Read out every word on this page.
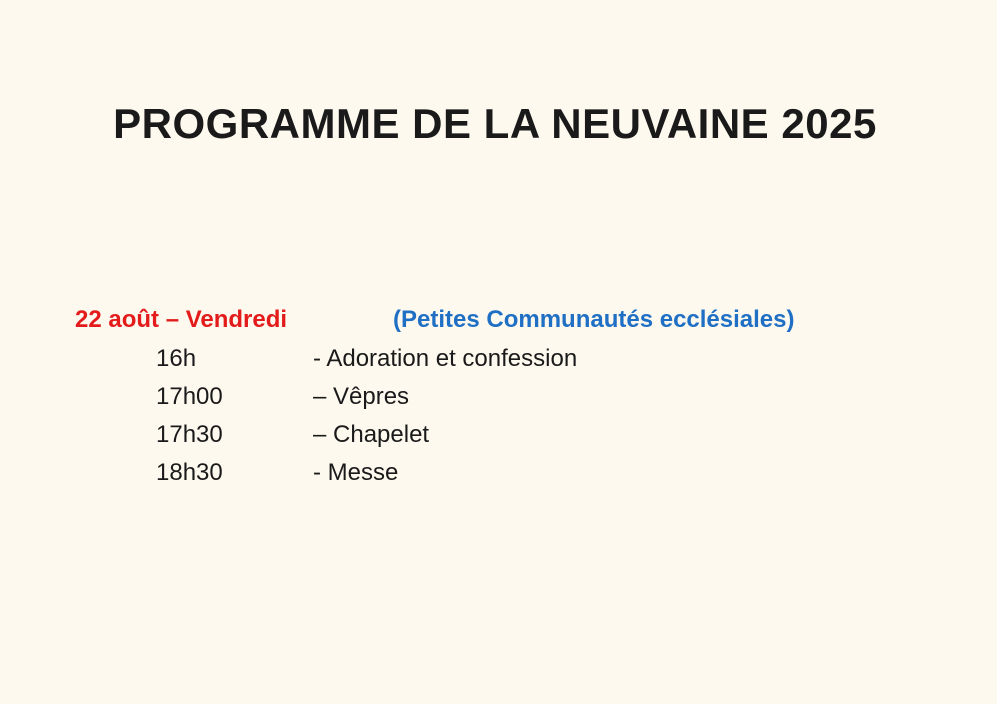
PROGRAMME DE LA NEUVAINE 2025
22 août – Vendredi	(Petites Communautés ecclésiales)
16h	- Adoration et confession
17h00	– Vêpres
17h30	– Chapelet
18h30	- Messe
